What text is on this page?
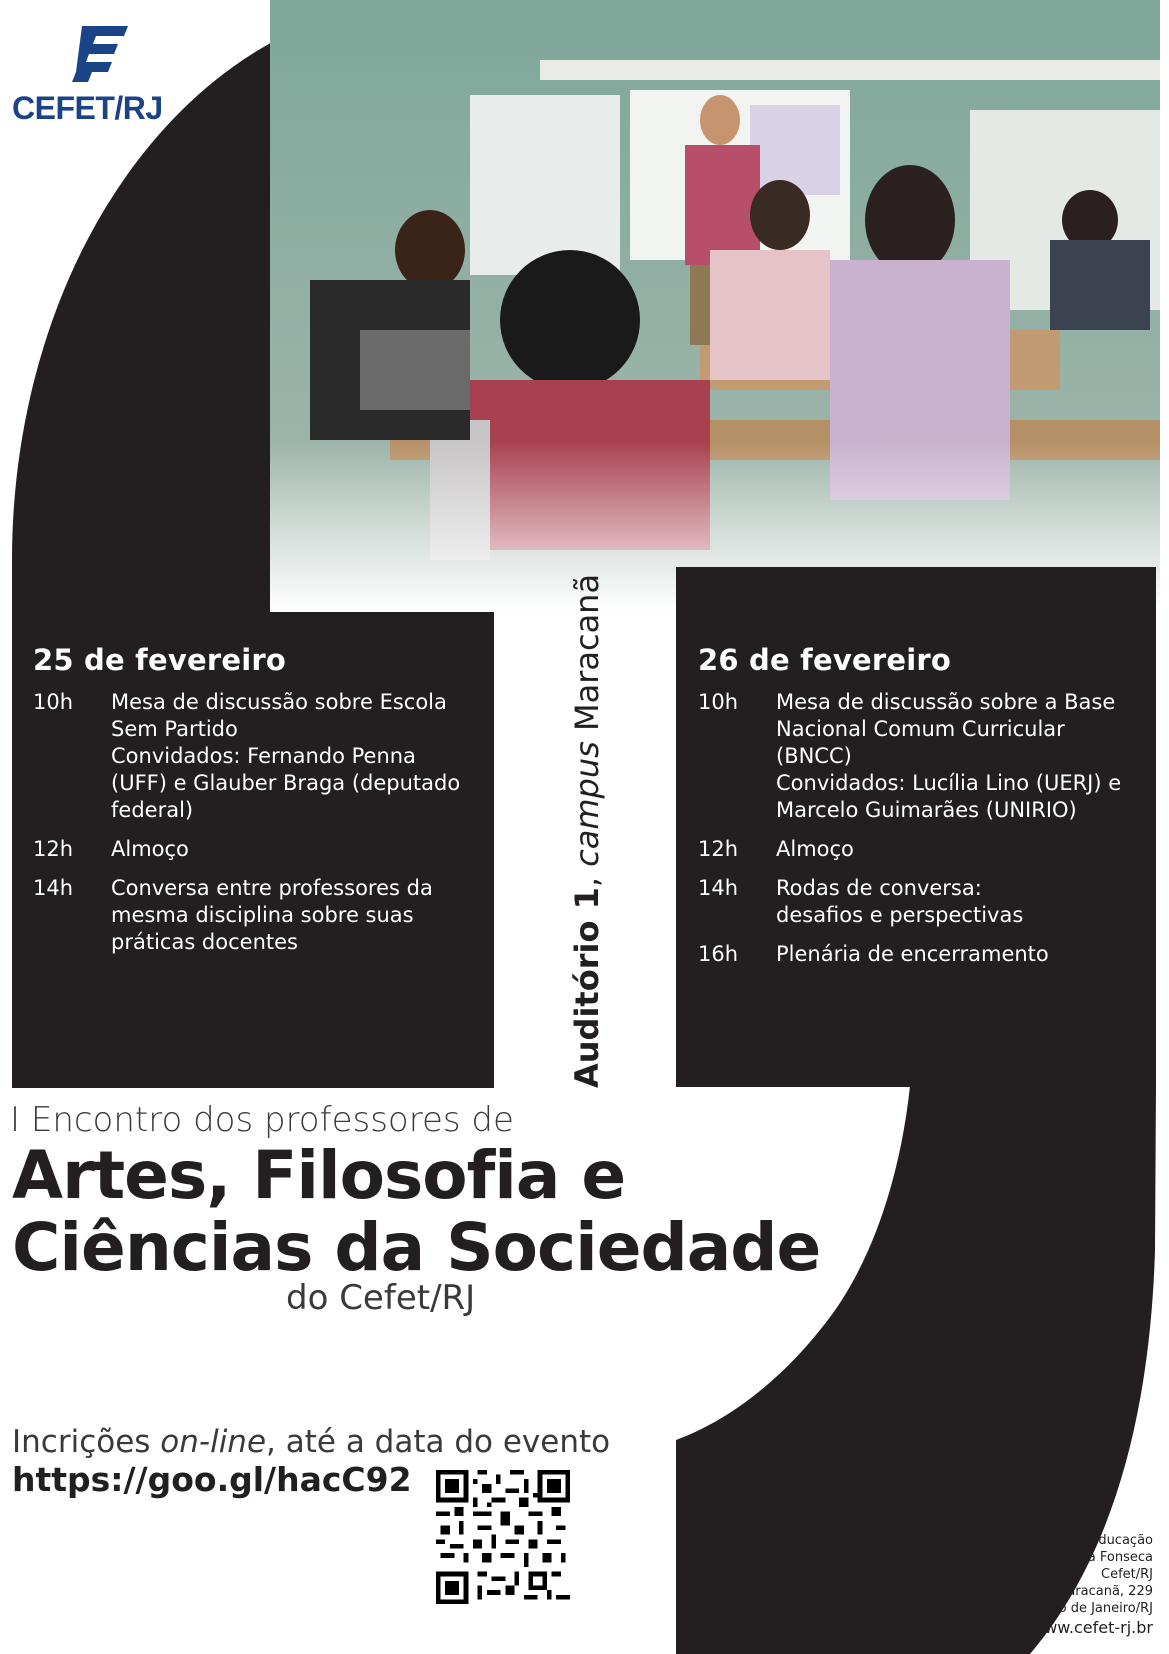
CEFET/RJ
25 de fevereiro
10h	Mesa de discussão sobre Escola Sem Partido
Convidados: Fernando Penna (UFF) e Glauber Braga (deputado federal)
12h	Almoço
14h	Conversa entre professores da mesma disciplina sobre suas práticas docentes
26 de fevereiro
10h	Mesa de discussão sobre a Base Nacional Comum Curricular (BNCC)
Convidados: Lucília Lino (UERJ) e Marcelo Guimarães (UNIRIO)
12h	Almoço
14h	Rodas de conversa:
desafios e perspectivas
16h	Plenária de encerramento
Auditório 1, campus Maracanã
I Encontro dos professores de
Artes, Filosofia e
Ciências da Sociedade
do Cefet/RJ
Incrições on-line, até a data do evento
https://goo.gl/hacC92
Centro Federal de Educação
Tecnológica Celso Suckow da Fonseca
Cefet/RJ
Campus Maracanã, Av. Maracanã, 229
Rio de Janeiro/RJ
www.cefet-rj.br
